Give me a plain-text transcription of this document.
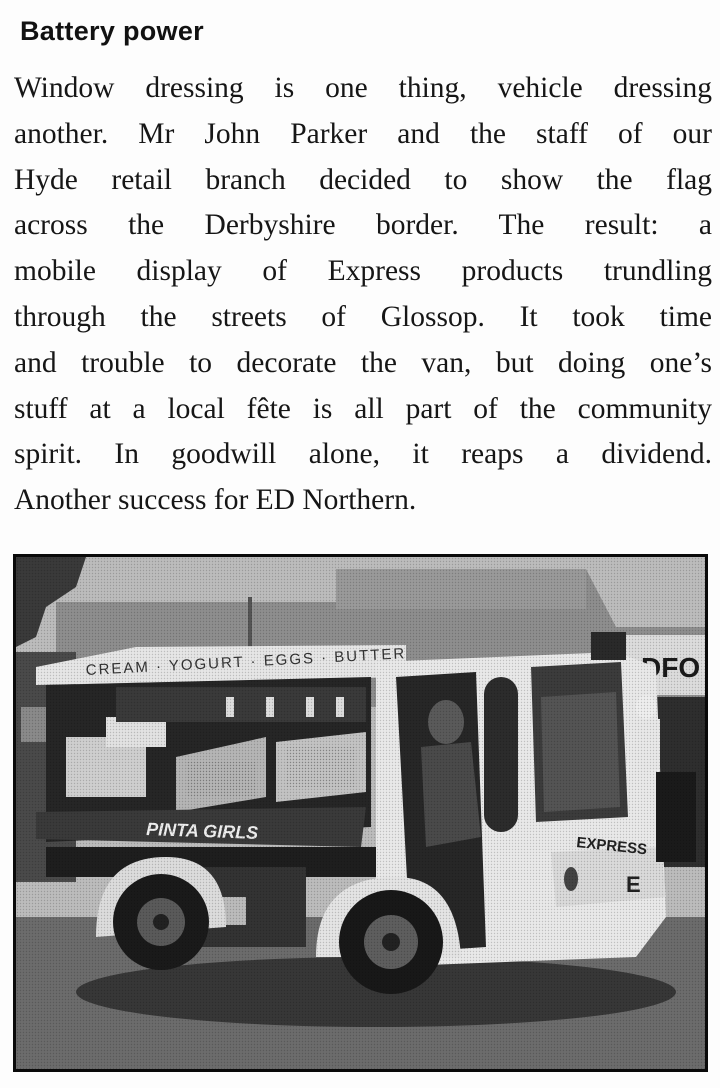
Battery power
Window dressing is one thing, vehicle dressing
another. Mr John Parker and the staff of our
Hyde retail branch decided to show the flag
across the Derbyshire border. The result: a
mobile display of Express products trundling
through the streets of Glossop. It took time
and trouble to decorate the van, but doing one’s
stuff at a local fête is all part of the community
spirit. In goodwill alone, it reaps a dividend.
Another success for ED Northern.
